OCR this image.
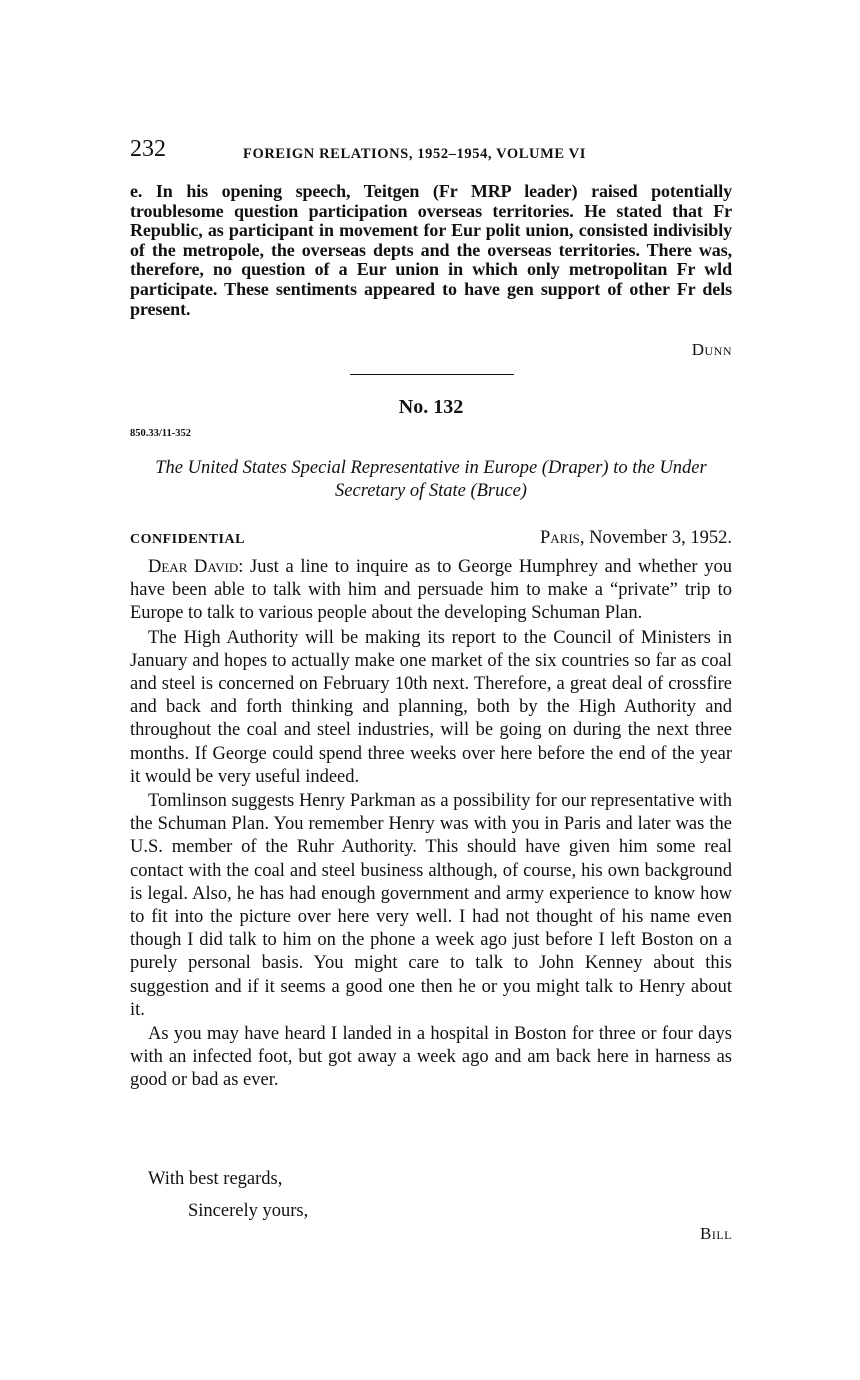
232	FOREIGN RELATIONS, 1952–1954, VOLUME VI

e. In his opening speech, Teitgen (Fr MRP leader) raised potentially troublesome question participation overseas territories. He stated that Fr Republic, as participant in movement for Eur polit union, consisted indivisibly of the metropole, the overseas depts and the overseas territories. There was, therefore, no question of a Eur union in which only metropolitan Fr wld participate. These sentiments appeared to have gen support of other Fr dels present.

Dunn
No. 132
850.33/11-352
The United States Special Representative in Europe (Draper) to the Under Secretary of State (Bruce)
CONFIDENTIAL	Paris, November 3, 1952.

Dear David: Just a line to inquire as to George Humphrey and whether you have been able to talk with him and persuade him to make a “private” trip to Europe to talk to various people about the developing Schuman Plan.

The High Authority will be making its report to the Council of Ministers in January and hopes to actually make one market of the six countries so far as coal and steel is concerned on February 10th next. Therefore, a great deal of crossfire and back and forth thinking and planning, both by the High Authority and throughout the coal and steel industries, will be going on during the next three months. If George could spend three weeks over here before the end of the year it would be very useful indeed.

Tomlinson suggests Henry Parkman as a possibility for our representative with the Schuman Plan. You remember Henry was with you in Paris and later was the U.S. member of the Ruhr Authority. This should have given him some real contact with the coal and steel business although, of course, his own background is legal. Also, he has had enough government and army experience to know how to fit into the picture over here very well. I had not thought of his name even though I did talk to him on the phone a week ago just before I left Boston on a purely personal basis. You might care to talk to John Kenney about this suggestion and if it seems a good one then he or you might talk to Henry about it.

As you may have heard I landed in a hospital in Boston for three or four days with an infected foot, but got away a week ago and am back here in harness as good or bad as ever.

With best regards,
Sincerely yours,
Bill
